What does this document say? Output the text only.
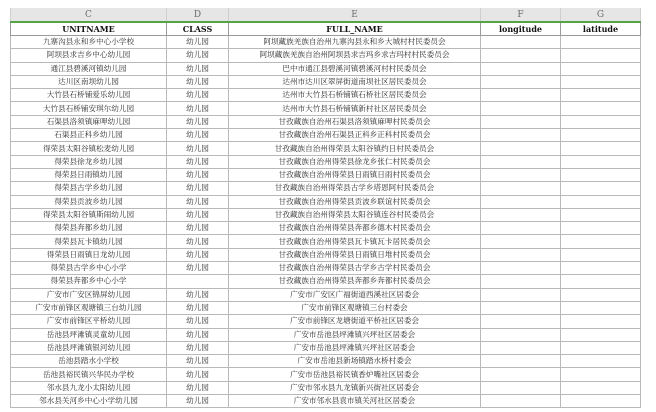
C	D	E	F	G
UNITNAME	CLASS	FULL_NAME	longitude	latitude
九寨沟县永和乡中心小学校	幼儿园	阿坝藏族羌族自治州九寨沟县永和乡大城村村民委员会		
阿坝县求吉乡中心幼儿园	幼儿园	阿坝藏族羌族自治州阿坝县求吉玛乡求吉玛村村民委员会		
通江县碧溪河镇幼儿园	幼儿园	巴中市通江县碧溪河镇碧溪河村村民委员会		
达川区南坝幼儿园	幼儿园	达州市达川区翠屏街道南坝社区居民委员会		
大竹县石桥铺爱乐幼儿园	幼儿园	达州市大竹县石桥铺镇石桥社区居民委员会		
大竹县石桥铺安琪尔幼儿园	幼儿园	达州市大竹县石桥铺镇新村社区居民委员会		
石渠县洛须镇麻呷幼儿园	幼儿园	甘孜藏族自治州石渠县洛须镇麻呷村民委员会		
石渠县正科乡幼儿园	幼儿园	甘孜藏族自治州石渠县正科乡正科村民委员会		
得荣县太阳谷镇松麦幼儿园	幼儿园	甘孜藏族自治州得荣县太阳谷镇约日村民委员会		
得荣县徐龙乡幼儿园	幼儿园	甘孜藏族自治州得荣县徐龙乡张仁村民委员会		
得荣县日雨镇幼儿园	幼儿园	甘孜藏族自治州得荣县日雨镇日雨村民委员会		
得荣县古学乡幼儿园	幼儿园	甘孜藏族自治州得荣县古学乡塔恩阿村民委员会		
得荣县贡波乡幼儿园	幼儿园	甘孜藏族自治州得荣县贡波乡联谊村民委员会		
得荣县太阳谷镇斯闹幼儿园	幼儿园	甘孜藏族自治州得荣县太阳谷镇连谷村民委员会		
得荣县奔都乡幼儿园	幼儿园	甘孜藏族自治州得荣县奔都乡德木村民委员会		
得荣县瓦卡镇幼儿园	幼儿园	甘孜藏族自治州得荣县瓦卡镇瓦卡居民委员会		
得荣县日雨镇日龙幼儿园	幼儿园	甘孜藏族自治州得荣县日雨镇日堆村民委员会		
得荣县古学乡中心小学	幼儿园	甘孜藏族自治州得荣县古学乡古学村民委员会		
得荣县奔都乡中心小学		甘孜藏族自治州得荣县奔都乡奔都村民委员会		
广安市广安区锦屏幼儿园	幼儿园	广安市广安区广福街道西溪社区居委会		
广安市前锋区观塘镇三台幼儿园	幼儿园	广安市前锋区观塘镇三台村委会		
广安市前锋区平桥幼儿园	幼儿园	广安市前锋区龙塘街道平桥社区居委会		
岳池县坪滩镇灵童幼儿园	幼儿园	广安市岳池县坪滩镇兴坪社区居委会		
岳池县坪滩镇银河幼儿园	幼儿园	广安市岳池县坪滩镇兴坪社区居委会		
岳池县踏水小学校	幼儿园	广安市岳池县新场镇踏水桥村委会		
岳池县裕民镇兴华民办学校	幼儿园	广安市岳池县裕民镇香炉嘴社区居委会		
邻水县九龙小太阳幼儿园	幼儿园	广安市邻水县九龙镇新兴街社区居委会		
邻水县关河乡中心小学幼儿园	幼儿园	广安市邻水县袁市镇关河社区居委会		
